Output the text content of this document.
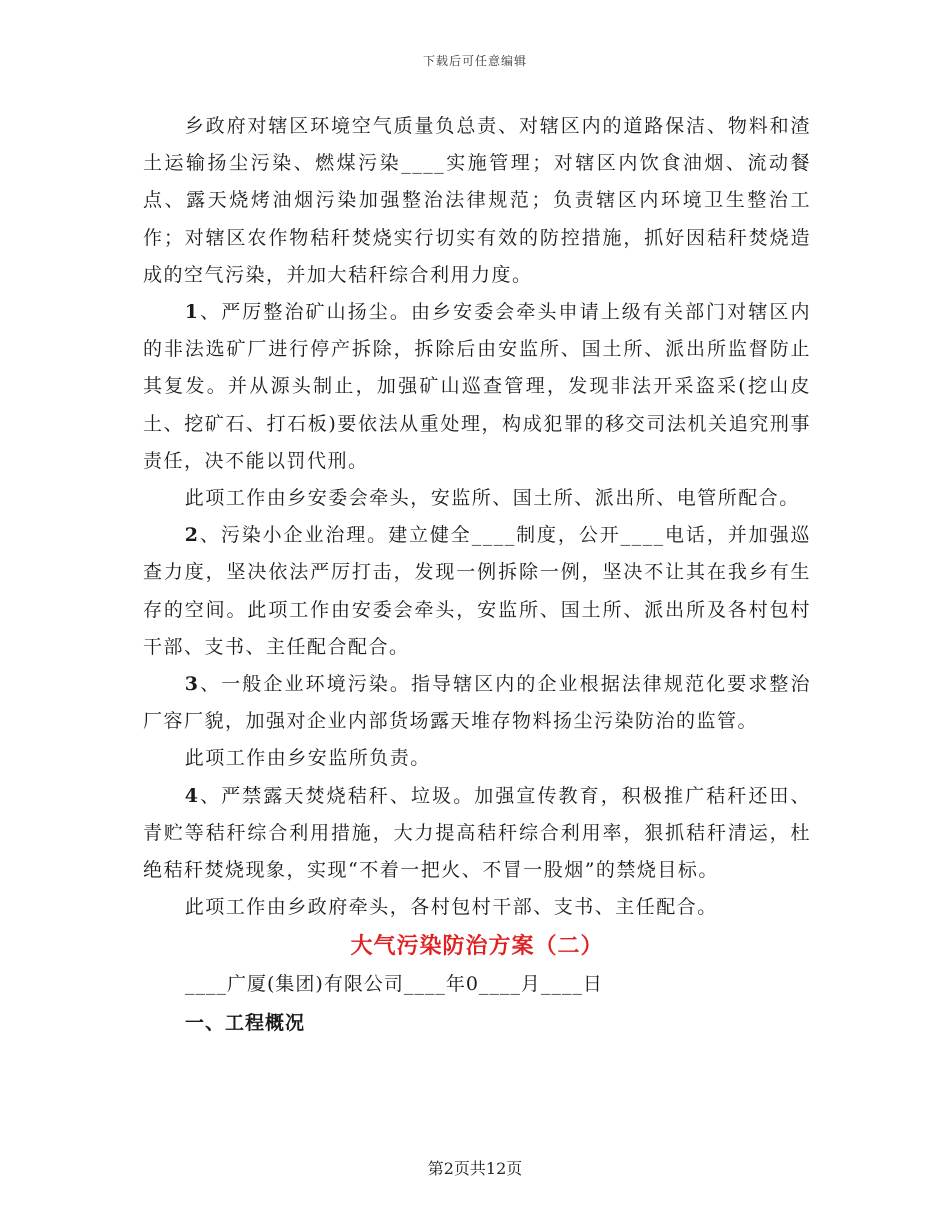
下载后可任意编辑

乡政府对辖区环境空气质量负总责、对辖区内的道路保洁、物料和渣土运输扬尘污染、燃煤污染____实施管理；对辖区内饮食油烟、流动餐点、露天烧烤油烟污染加强整治法律规范；负责辖区内环境卫生整治工作；对辖区农作物秸秆焚烧实行切实有效的防控措施，抓好因秸秆焚烧造成的空气污染，并加大秸秆综合利用力度。

1、严厉整治矿山扬尘。由乡安委会牵头申请上级有关部门对辖区内的非法选矿厂进行停产拆除，拆除后由安监所、国土所、派出所监督防止其复发。并从源头制止，加强矿山巡查管理，发现非法开采盗采(挖山皮土、挖矿石、打石板)要依法从重处理，构成犯罪的移交司法机关追究刑事责任，决不能以罚代刑。

此项工作由乡安委会牵头，安监所、国土所、派出所、电管所配合。

2、污染小企业治理。建立健全____制度，公开____电话，并加强巡查力度，坚决依法严厉打击，发现一例拆除一例，坚决不让其在我乡有生存的空间。此项工作由安委会牵头，安监所、国土所、派出所及各村包村干部、支书、主任配合配合。

3、一般企业环境污染。指导辖区内的企业根据法律规范化要求整治厂容厂貌，加强对企业内部货场露天堆存物料扬尘污染防治的监管。

此项工作由乡安监所负责。

4、严禁露天焚烧秸秆、垃圾。加强宣传教育，积极推广秸秆还田、青贮等秸秆综合利用措施，大力提高秸秆综合利用率，狠抓秸秆清运，杜绝秸秆焚烧现象，实现“不着一把火、不冒一股烟”的禁烧目标。

此项工作由乡政府牵头，各村包村干部、支书、主任配合。

大气污染防治方案（二）

____广厦(集团)有限公司____年0____月____日

一、工程概况

第2页共12页
